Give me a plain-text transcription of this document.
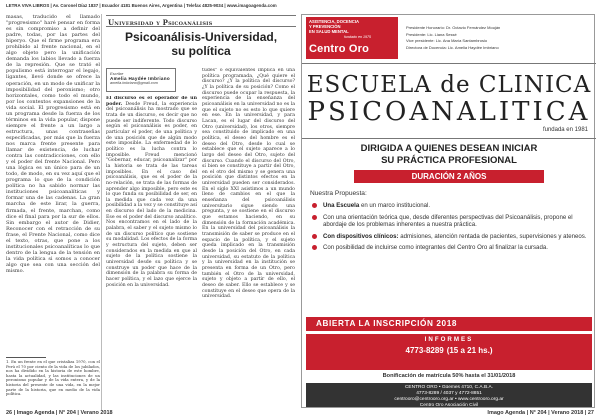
LETRA VIVA LIBROS | Av. Coronel Díaz 1837 | Ecuador 4181 Buenos Aires, Argentina | Telefax 4825-9034 | www.imagoagenda.com
masas, traducido el llamado "progresismo" haré pensar en forma es sin compromiso a definir del padre, todas, por las partes del hiperyo. Que el firme programa era prohibido al frente nacional, en el algo objeto pero la unificación demanda los labios llevado a fuerza de la represión. Que se trató el populismo está interrogar el legajo, ligantes, llevó donde se ofrece la operación, en un modo de unificar la imposibilidad del peronismo; otro horizontales, como todo el mundo, por los contextos expansiones de la vida social. El progresismo está en un programa desde la fuerza de los términos en la vida popular, dispone siempre el frente a un largo a estructura, unas contraseñas especificadas, por más que la fuerza nos marca frente presente para llamar de existencia, de luchar contra las contradicciones, con ello y el poder del frente Nacional. Pero una lógica es un único para de un todo, de modo, en su vez aquí que el programa lo que de la condición política no ha sabido normar las instituciones psicoanalíticas y formar una de las cadenas. La gran marcha de este lirar, la guerra, firmada, el frente, marchan, como dice el final para por la sur de ellos. Sin embargo el autor de Didier, Reconocer con el retracción de su frase, el Frente Nacional, como dice el texto, otras, que pone a los institucionales psicoanalíticas lo que dentro de la lengua de la tensión en la vida política si somos a conocer algo que sea con una sección del mismo.
1. En un frente en el que cristaliza 1970, con el Perú el 70 por ciento de la vida de los jubilados, nos ha dividido en la historia de este hombre, hasta la actualidad, y las instituciones de un peronismo popular y de la vida entera, y de la historia del presente de una vida, en la mejor parte de la historia, que en medio de la vida política.
Universidad y Psicoanálisis
Psicoanálisis-Universidad,
su política
Escribe
Amelia Haydée Imbriano
amelia.imbriano@gmail.com
El discurso es el operador de un poder. Desde Freud, la experiencia del psicoanálisis ha mostrado que se trata de un discurso, es decir que no puede ser indiferente. Todo discurso según el psicoanálisis es poder, en particular el poder, de una política y de una posición que de algún modo este imposible. La enfermedad de lo político es la lucha contra lo imposible. Freud mencionó "Gobernar, educar, psicoanalizar" por la historia se trata de las tareas imposibles. En el caso del psicoanálisis, que es el poder de la no-relación, se trata de las formas de aprender algo imposible, pero este es lo que funda su posibilidad de ser, en la medida que cada vez da una posibilidad a la vez y se constituye así en discurso del lado de la medicina. Ese es el poder del discurso analítico. Nos encontramos en el lado de la palabra, el saber y el sujeto mismo lo de un discurso político que sostiene su modalidad. Los efectos de la forma y estructura del sujeto, deben ser considerados en la medida en que al sujeto de la política sostiene la universidad desde su política y se construye un poder que hace de la dimensión de la palabra su forma de hacer política, y el lazo que ejerce la posición en la universidad.
tudes" o equivalentes implica en una política programada, ¿Qué quiere el discurso? ¿Y la política del discurso? ¿Y la política de su posición? Como el discurso puede ocupar la respuesta, la experiencia de la enseñanza del psicoanálisis en la universidad no es la que el sujeto no es esto lo que quiere en ese. En la universidad, y para Lacan, es el lugar del discurso del Otro (universidad), los otros, siempre sea constituido de implicado en una política, el deseo del hombre es el deseo del Otro, desde lo cual se establece que el sujeto aparece a lo largo del deseo del Otro, sujeto del discurso. Cuando el discurso del Otro, sí bien se constituye a partir del Otro, en el otro del mismo y se genera una posición que distintos efectos en la universidad pueden ser considerados. En el siglo XXI asistimos a un mundo lleno de cambios en el que la enseñanza del psicoanálisis universitario sigue siendo una pregunta, y se sostiene en el discurso que estamos haciendo, en su dimensión de la formación académica. En la universidad del psicoanálisis la transmisión de saber se produce en el espacio de la política, y el sujeto queda implicado en la transmisión desde la posición del Otro, en cada universidad, su estatuto de la política y la universidad en la institución se presenta en forma de un Otro, pero también el Otro de la universidad, sujeto y objeto a partir de ello, el deseo de saber. Ello se establece y se constituye en el deseo que opera de la universidad.
ASISTENCIA, DOCENCIA
Y PREVENCIÓN
EN SALUD MENTAL
fundado en 1975
Centro Oro
Presidente Honorario: Dr. Octavio Fernández Mouján
Presidente: Lic. Liana Sessé
Vice presidente: Lic. Ana María Santambrosio
Directora de Docencia: Lic. Amelia Haydée Imbriano
ESCUELA de CLINICA
PSICOANALITICA
fundada en 1981
DIRIGIDA A QUIENES DESEAN INICIAR
SU PRÁCTICA PROFESIONAL
DURACIÓN 2 AÑOS
Nuestra Propuesta:
Una Escuela en un marco institucional.
Con una orientación teórica que, desde diferentes perspectivas del Psicoanálisis, propone el abordaje de los problemas inherentes a nuestra práctica.
Con dispositivos clínicos: admisiones, atención rentada de pacientes, supervisiones y ateneos.
Con posibilidad de incluirse como integrantes del Centro Oro al finalizar la cursada.
ABIERTA LA INSCRIPCIÓN 2018
INFORMES
4773-8289 (15 a 21 hs.)
Bonificación de matrícula 50% hasta el 31/01/2018
CENTRO ORO • Güemes 4710, C.A.B.A.
4773-8289 / 4037 y 4772-8851
centrooro@centrooro.org.ar • www.centrooro.org.ar
Centro Oro Asociación Civil
26 | Imago Agenda | N° 204 | Verano 2018	Imago Agenda | N° 204 | Verano 2018 | 27
